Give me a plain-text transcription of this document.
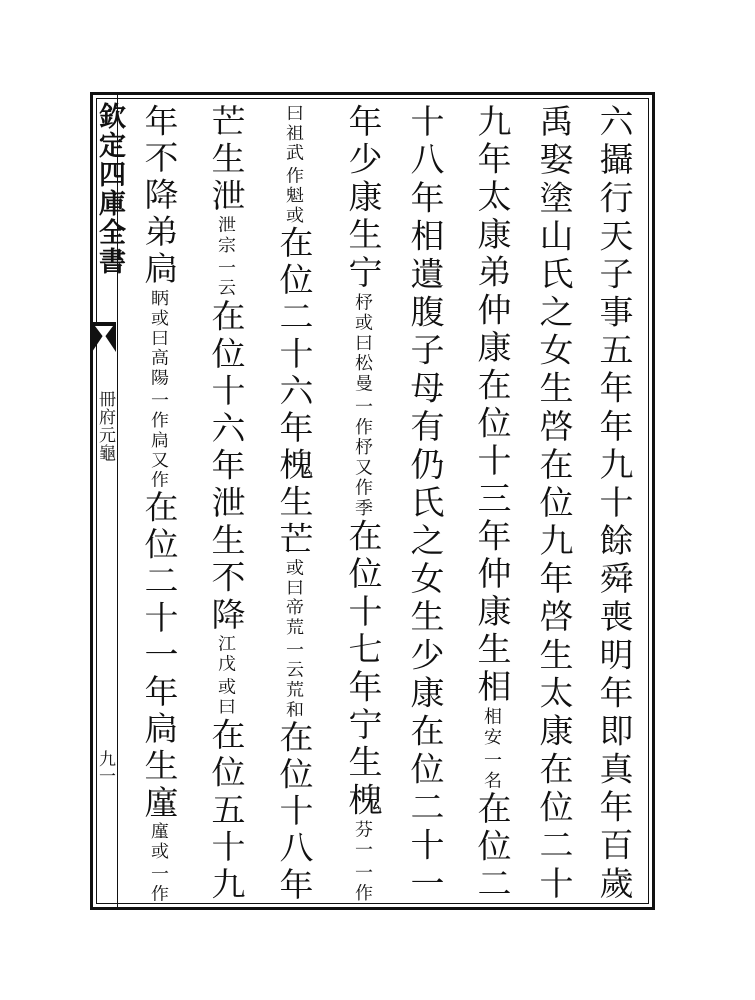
欽定四庫全書
冊府元龜
九一	六攝行天子事五年年九十餘舜喪明年即真年百歲
禹娶塗山氏之女生啓在位九年啓生太康在位二十
九年太康弟仲康在位十三年仲康生相
一名
相安
在位二
十八年相遺腹子母有仍氏之女生少康在位二十一
年少康生宁
一作杼又作季
杼或曰松曼
在位十七年宁生槐
一作
芬一
作魁或
曰祖武
在位二十六年槐生芒
一云荒和
或曰帝荒
在位十八年
芒生泄
一云
泄宗
在位十六年泄生不降
或曰
江戊
在位五十九
年不降弟扃
一作扃又作
眪或曰高陽
在位二十一年扃生廑
一作
廑或
